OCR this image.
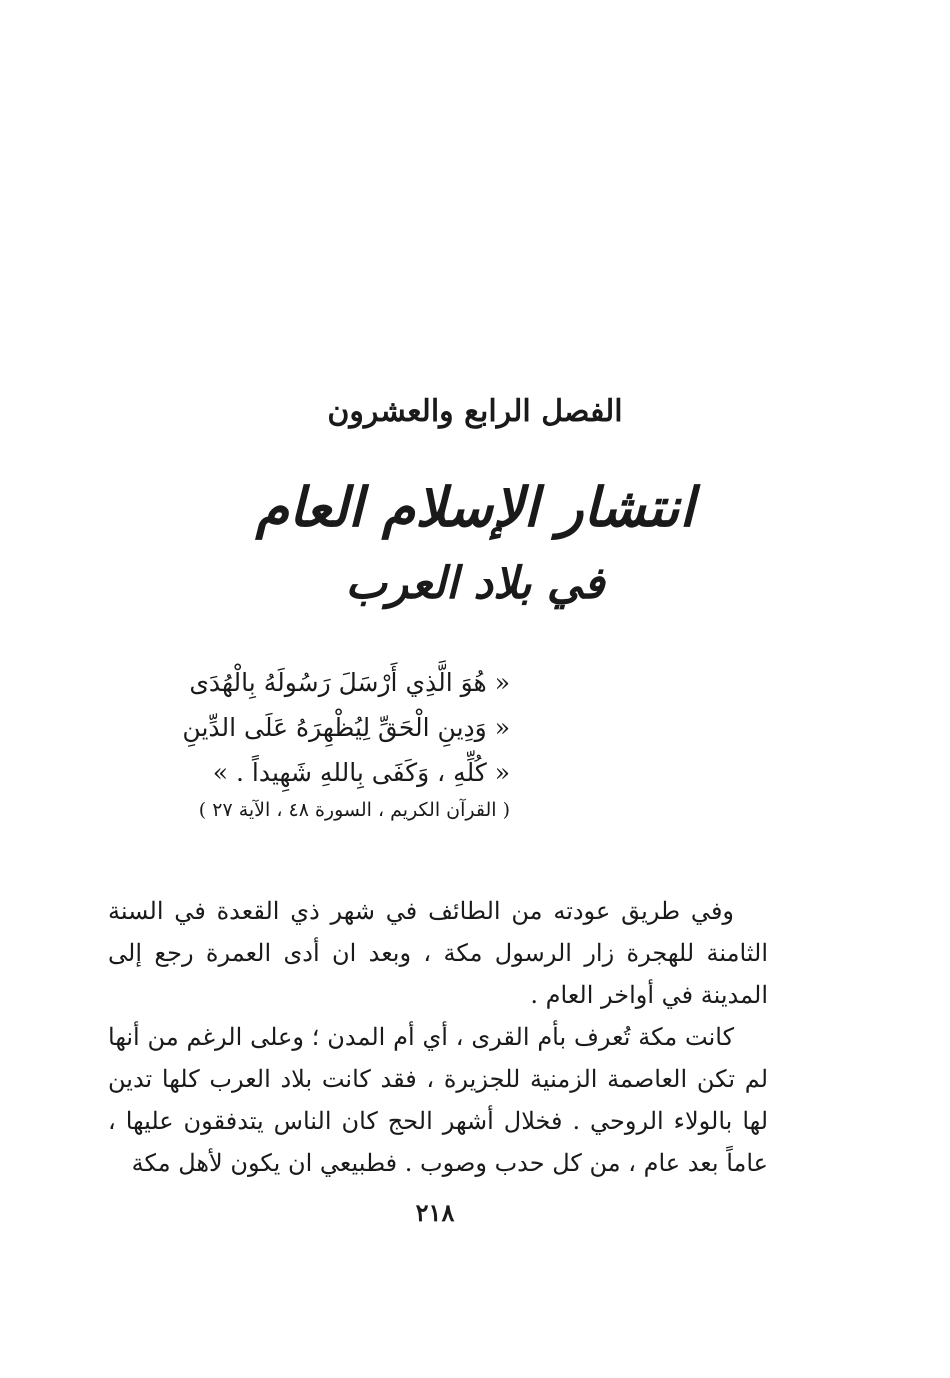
الفصل الرابع والعشرون
انتشار الإسلام العام
في بلاد العرب
« هُوَ الَّذِي أَرْسَلَ رَسُولَهُ بِالْهُدَى
« وَدِينِ الْحَقِّ لِيُظْهِرَهُ عَلَى الدِّينِ
« كُلِّهِ ، وَكَفَى بِاللهِ شَهِيداً . »
( القرآن الكريم ، السورة ٤٨ ، الآية ٢٧ )

وفي طريق عودته من الطائف في شهر ذي القعدة في السنة الثامنة للهجرة زار الرسول مكة ، وبعد ان أدى العمرة رجع إلى المدينة في أواخر العام .

كانت مكة تُعرف بأم القرى ، أي أم المدن ؛ وعلى الرغم من أنها لم تكن العاصمة الزمنية للجزيرة ، فقد كانت بلاد العرب كلها تدين لها بالولاء الروحي . فخلال أشهر الحج كان الناس يتدفقون عليها ، عاماً بعد عام ، من كل حدب وصوب . فطبيعي ان يكون لأهل مكة

٢١٨
